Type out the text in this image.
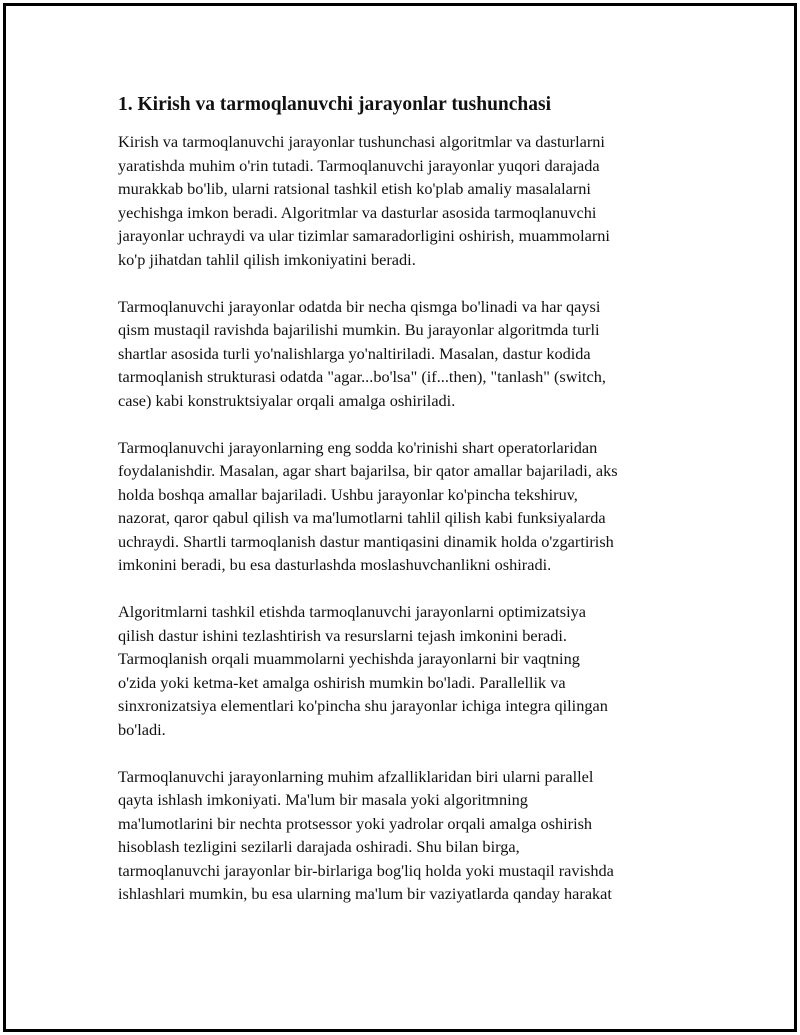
1. Kirish va tarmoqlanuvchi jarayonlar tushunchasi
Kirish va tarmoqlanuvchi jarayonlar tushunchasi algoritmlar va dasturlarni
yaratishda muhim o'rin tutadi. Tarmoqlanuvchi jarayonlar yuqori darajada
murakkab bo'lib, ularni ratsional tashkil etish ko'plab amaliy masalalarni
yechishga imkon beradi. Algoritmlar va dasturlar asosida tarmoqlanuvchi
jarayonlar uchraydi va ular tizimlar samaradorligini oshirish, muammolarni
ko'p jihatdan tahlil qilish imkoniyatini beradi.
Tarmoqlanuvchi jarayonlar odatda bir necha qismga bo'linadi va har qaysi
qism mustaqil ravishda bajarilishi mumkin. Bu jarayonlar algoritmda turli
shartlar asosida turli yo'nalishlarga yo'naltiriladi. Masalan, dastur kodida
tarmoqlanish strukturasi odatda "agar...bo'lsa" (if...then), "tanlash" (switch,
case) kabi konstruktsiyalar orqali amalga oshiriladi.
Tarmoqlanuvchi jarayonlarning eng sodda ko'rinishi shart operatorlaridan
foydalanishdir. Masalan, agar shart bajarilsa, bir qator amallar bajariladi, aks
holda boshqa amallar bajariladi. Ushbu jarayonlar ko'pincha tekshiruv,
nazorat, qaror qabul qilish va ma'lumotlarni tahlil qilish kabi funksiyalarda
uchraydi. Shartli tarmoqlanish dastur mantiqasini dinamik holda o'zgartirish
imkonini beradi, bu esa dasturlashda moslashuvchanlikni oshiradi.
Algoritmlarni tashkil etishda tarmoqlanuvchi jarayonlarni optimizatsiya
qilish dastur ishini tezlashtirish va resurslarni tejash imkonini beradi.
Tarmoqlanish orqali muammolarni yechishda jarayonlarni bir vaqtning
o'zida yoki ketma-ket amalga oshirish mumkin bo'ladi. Parallellik va
sinxronizatsiya elementlari ko'pincha shu jarayonlar ichiga integra qilingan
bo'ladi.
Tarmoqlanuvchi jarayonlarning muhim afzalliklaridan biri ularni parallel
qayta ishlash imkoniyati. Ma'lum bir masala yoki algoritmning
ma'lumotlarini bir nechta protsessor yoki yadrolar orqali amalga oshirish
hisoblash tezligini sezilarli darajada oshiradi. Shu bilan birga,
tarmoqlanuvchi jarayonlar bir-birlariga bog'liq holda yoki mustaqil ravishda
ishlashlari mumkin, bu esa ularning ma'lum bir vaziyatlarda qanday harakat
